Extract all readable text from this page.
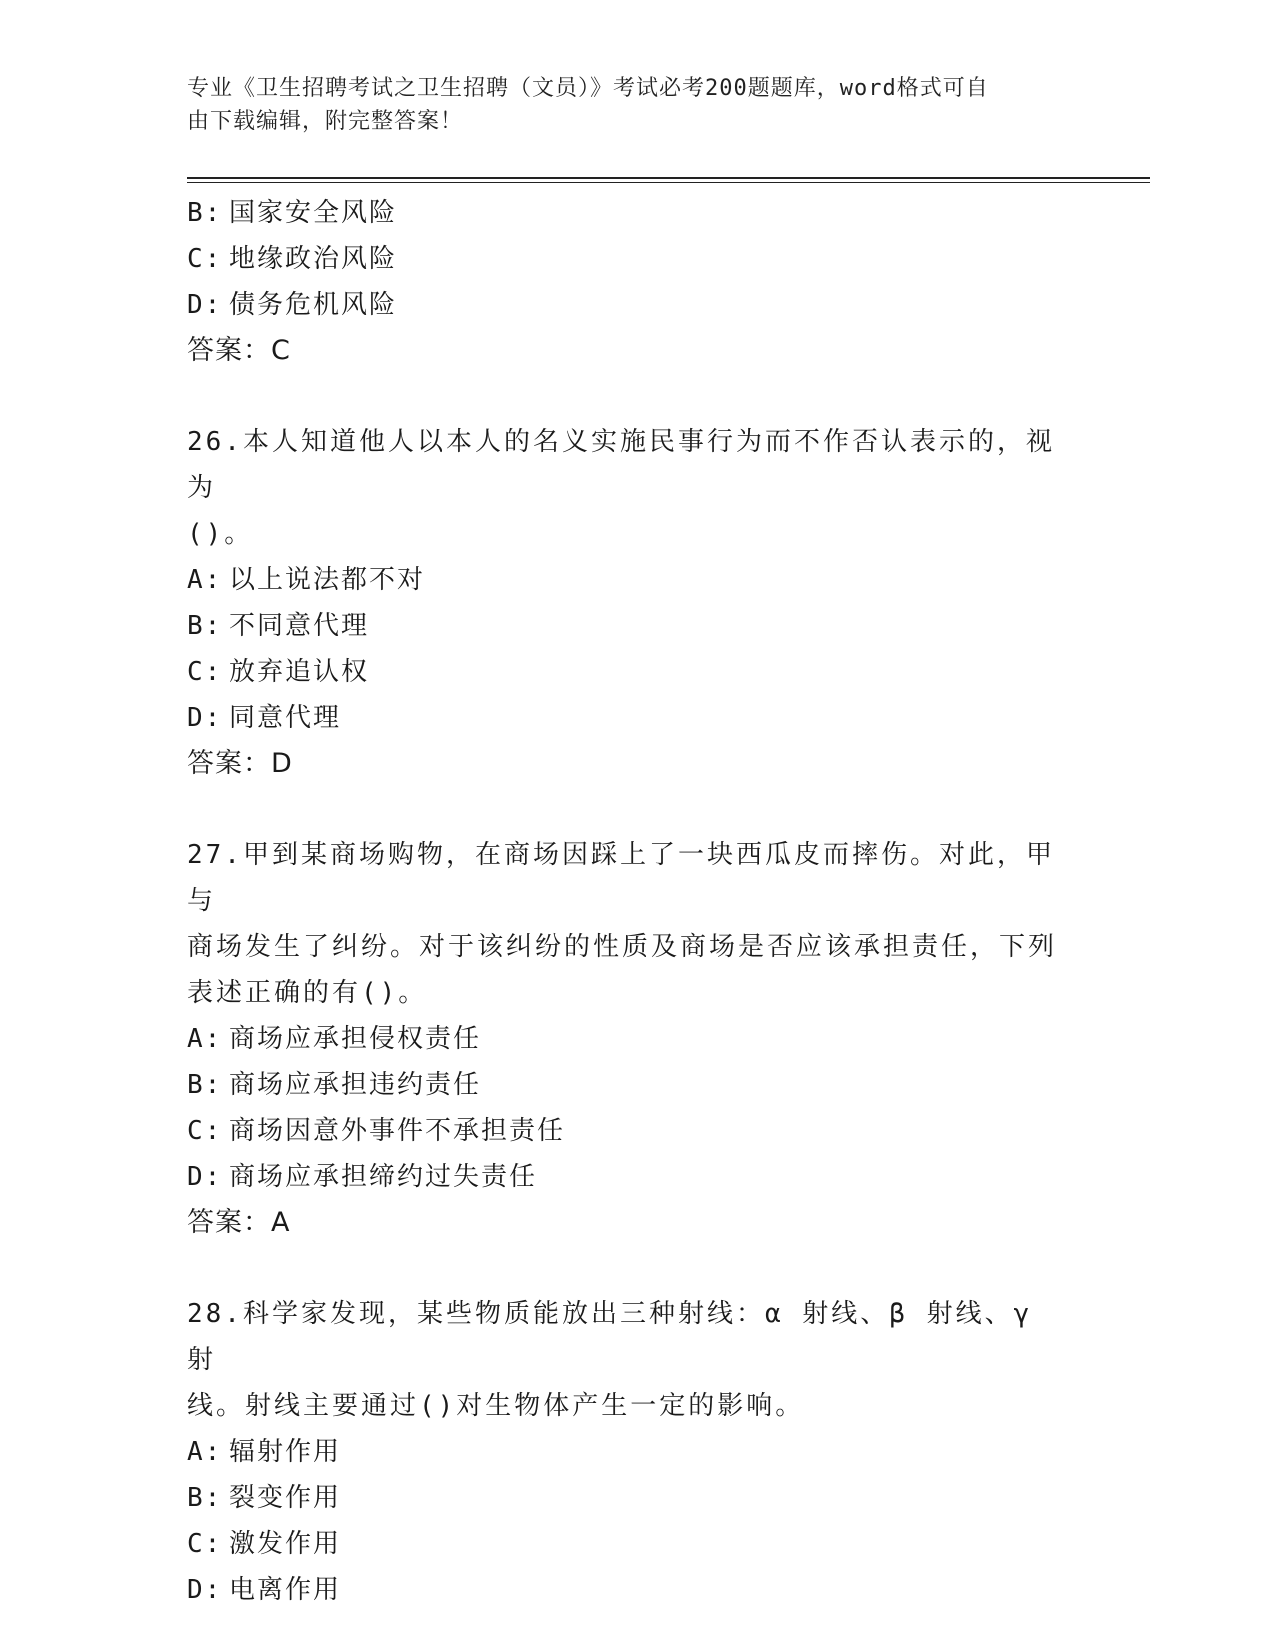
专业《卫生招聘考试之卫生招聘（文员）》考试必考200题题库，word格式可自
由下载编辑，附完整答案！
B: 国家安全风险
C: 地缘政治风险
D: 债务危机风险
答案：C
26.本人知道他人以本人的名义实施民事行为而不作否认表示的，视为
()。
A: 以上说法都不对
B: 不同意代理
C: 放弃追认权
D: 同意代理
答案：D
27.甲到某商场购物，在商场因踩上了一块西瓜皮而摔伤。对此，甲与
商场发生了纠纷。对于该纠纷的性质及商场是否应该承担责任，下列
表述正确的有()。
A: 商场应承担侵权责任
B: 商场应承担违约责任
C: 商场因意外事件不承担责任
D: 商场应承担缔约过失责任
答案：A
28.科学家发现，某些物质能放出三种射线：α 射线、β 射线、γ 射
线。射线主要通过()对生物体产生一定的影响。
A: 辐射作用
B: 裂变作用
C: 激发作用
D: 电离作用
